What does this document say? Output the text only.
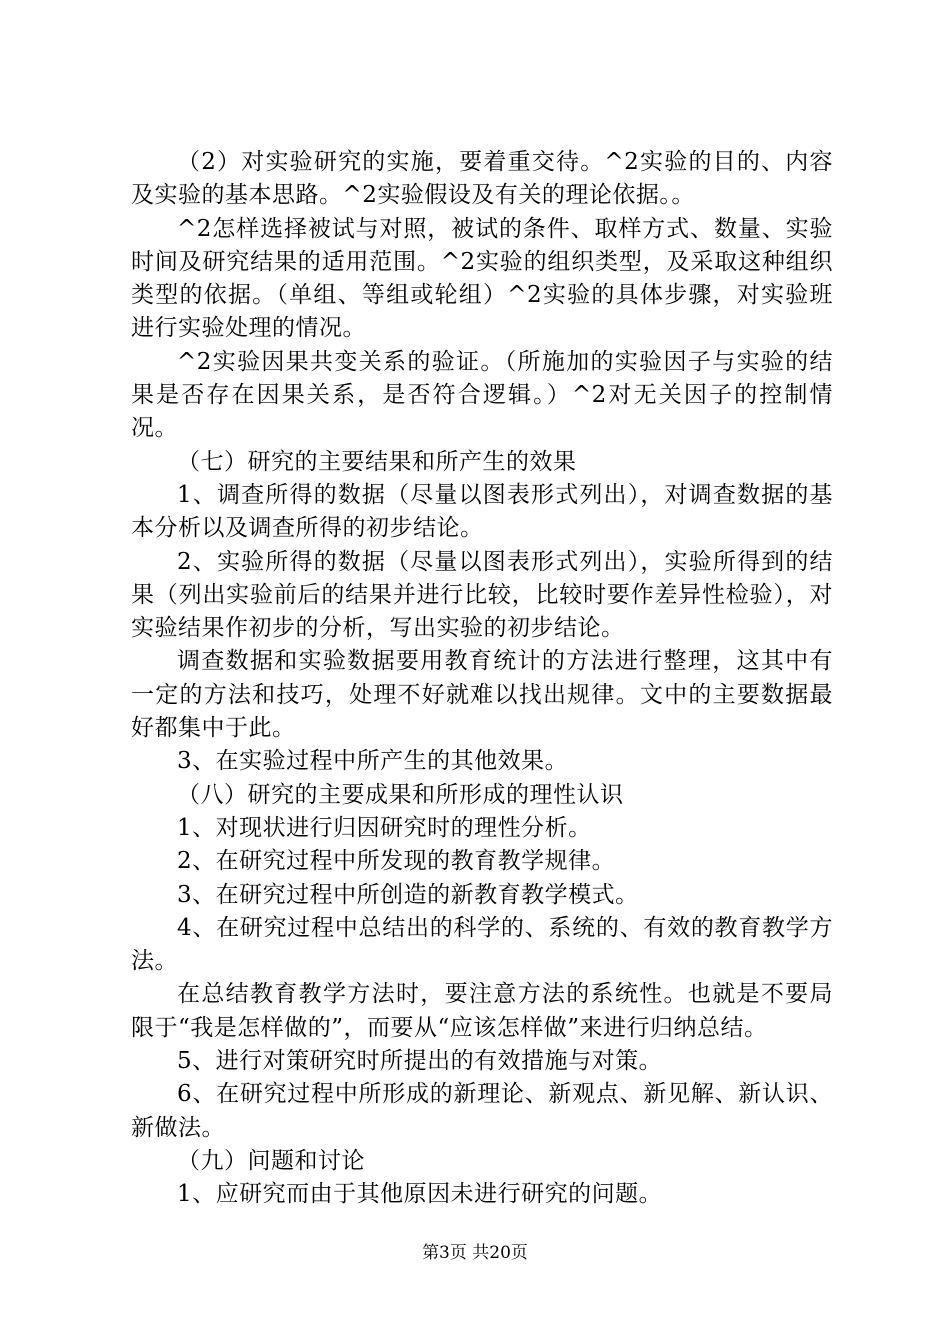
（2）对实验研究的实施，要着重交待。^2实验的目的、内容及实验的基本思路。^2实验假设及有关的理论依据。。

^2怎样选择被试与对照，被试的条件、取样方式、数量、实验时间及研究结果的适用范围。^2实验的组织类型，及采取这种组织类型的依据。（单组、等组或轮组）^2实验的具体步骤，对实验班进行实验处理的情况。

^2实验因果共变关系的验证。（所施加的实验因子与实验的结果是否存在因果关系，是否符合逻辑。）^2对无关因子的控制情况。

（七）研究的主要结果和所产生的效果

1、调查所得的数据（尽量以图表形式列出），对调查数据的基本分析以及调查所得的初步结论。

2、实验所得的数据（尽量以图表形式列出），实验所得到的结果（列出实验前后的结果并进行比较，比较时要作差异性检验），对实验结果作初步的分析，写出实验的初步结论。

调查数据和实验数据要用教育统计的方法进行整理，这其中有一定的方法和技巧，处理不好就难以找出规律。文中的主要数据最好都集中于此。

3、在实验过程中所产生的其他效果。

（八）研究的主要成果和所形成的理性认识

1、对现状进行归因研究时的理性分析。

2、在研究过程中所发现的教育教学规律。

3、在研究过程中所创造的新教育教学模式。

4、在研究过程中总结出的科学的、系统的、有效的教育教学方法。

在总结教育教学方法时，要注意方法的系统性。也就是不要局限于“我是怎样做的”，而要从“应该怎样做”来进行归纳总结。

5、进行对策研究时所提出的有效措施与对策。

6、在研究过程中所形成的新理论、新观点、新见解、新认识、新做法。

（九）问题和讨论

1、应研究而由于其他原因未进行研究的问题。

第3页 共20页
